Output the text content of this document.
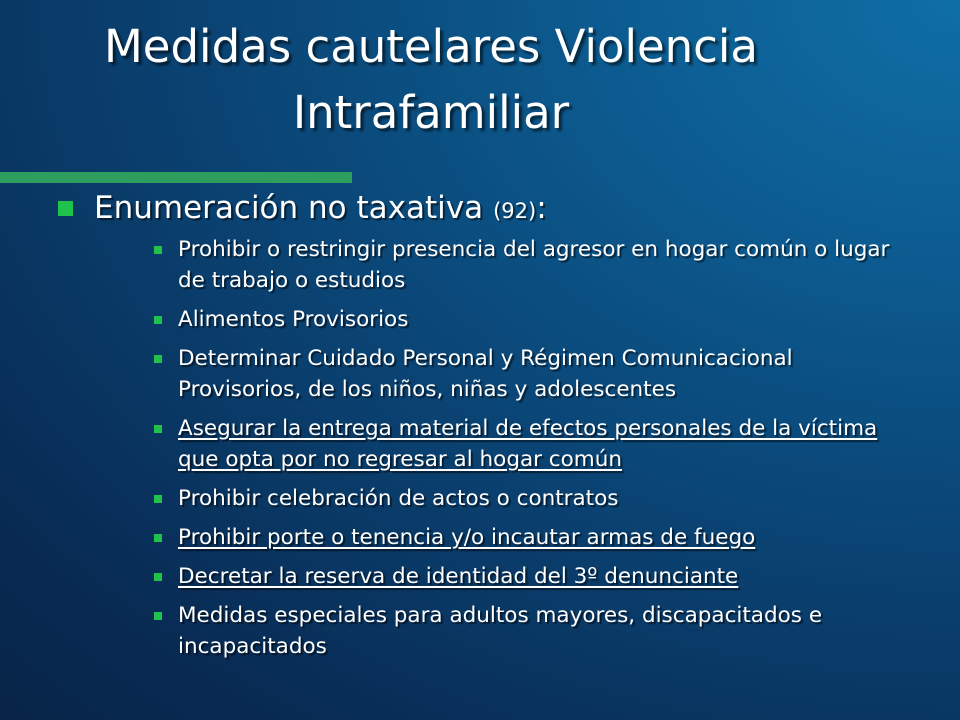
Medidas cautelares Violencia
Intrafamiliar
Enumeración no taxativa (92):
Prohibir o restringir presencia del agresor en hogar común o lugar de trabajo o estudios
Alimentos Provisorios
Determinar Cuidado Personal y Régimen Comunicacional Provisorios, de los niños, niñas y adolescentes
Asegurar la entrega material de efectos personales de la víctima que opta por no regresar al hogar común
Prohibir celebración de actos o contratos
Prohibir porte o tenencia y/o incautar armas de fuego
Decretar la reserva de identidad del 3º denunciante
Medidas especiales para adultos mayores, discapacitados e incapacitados
